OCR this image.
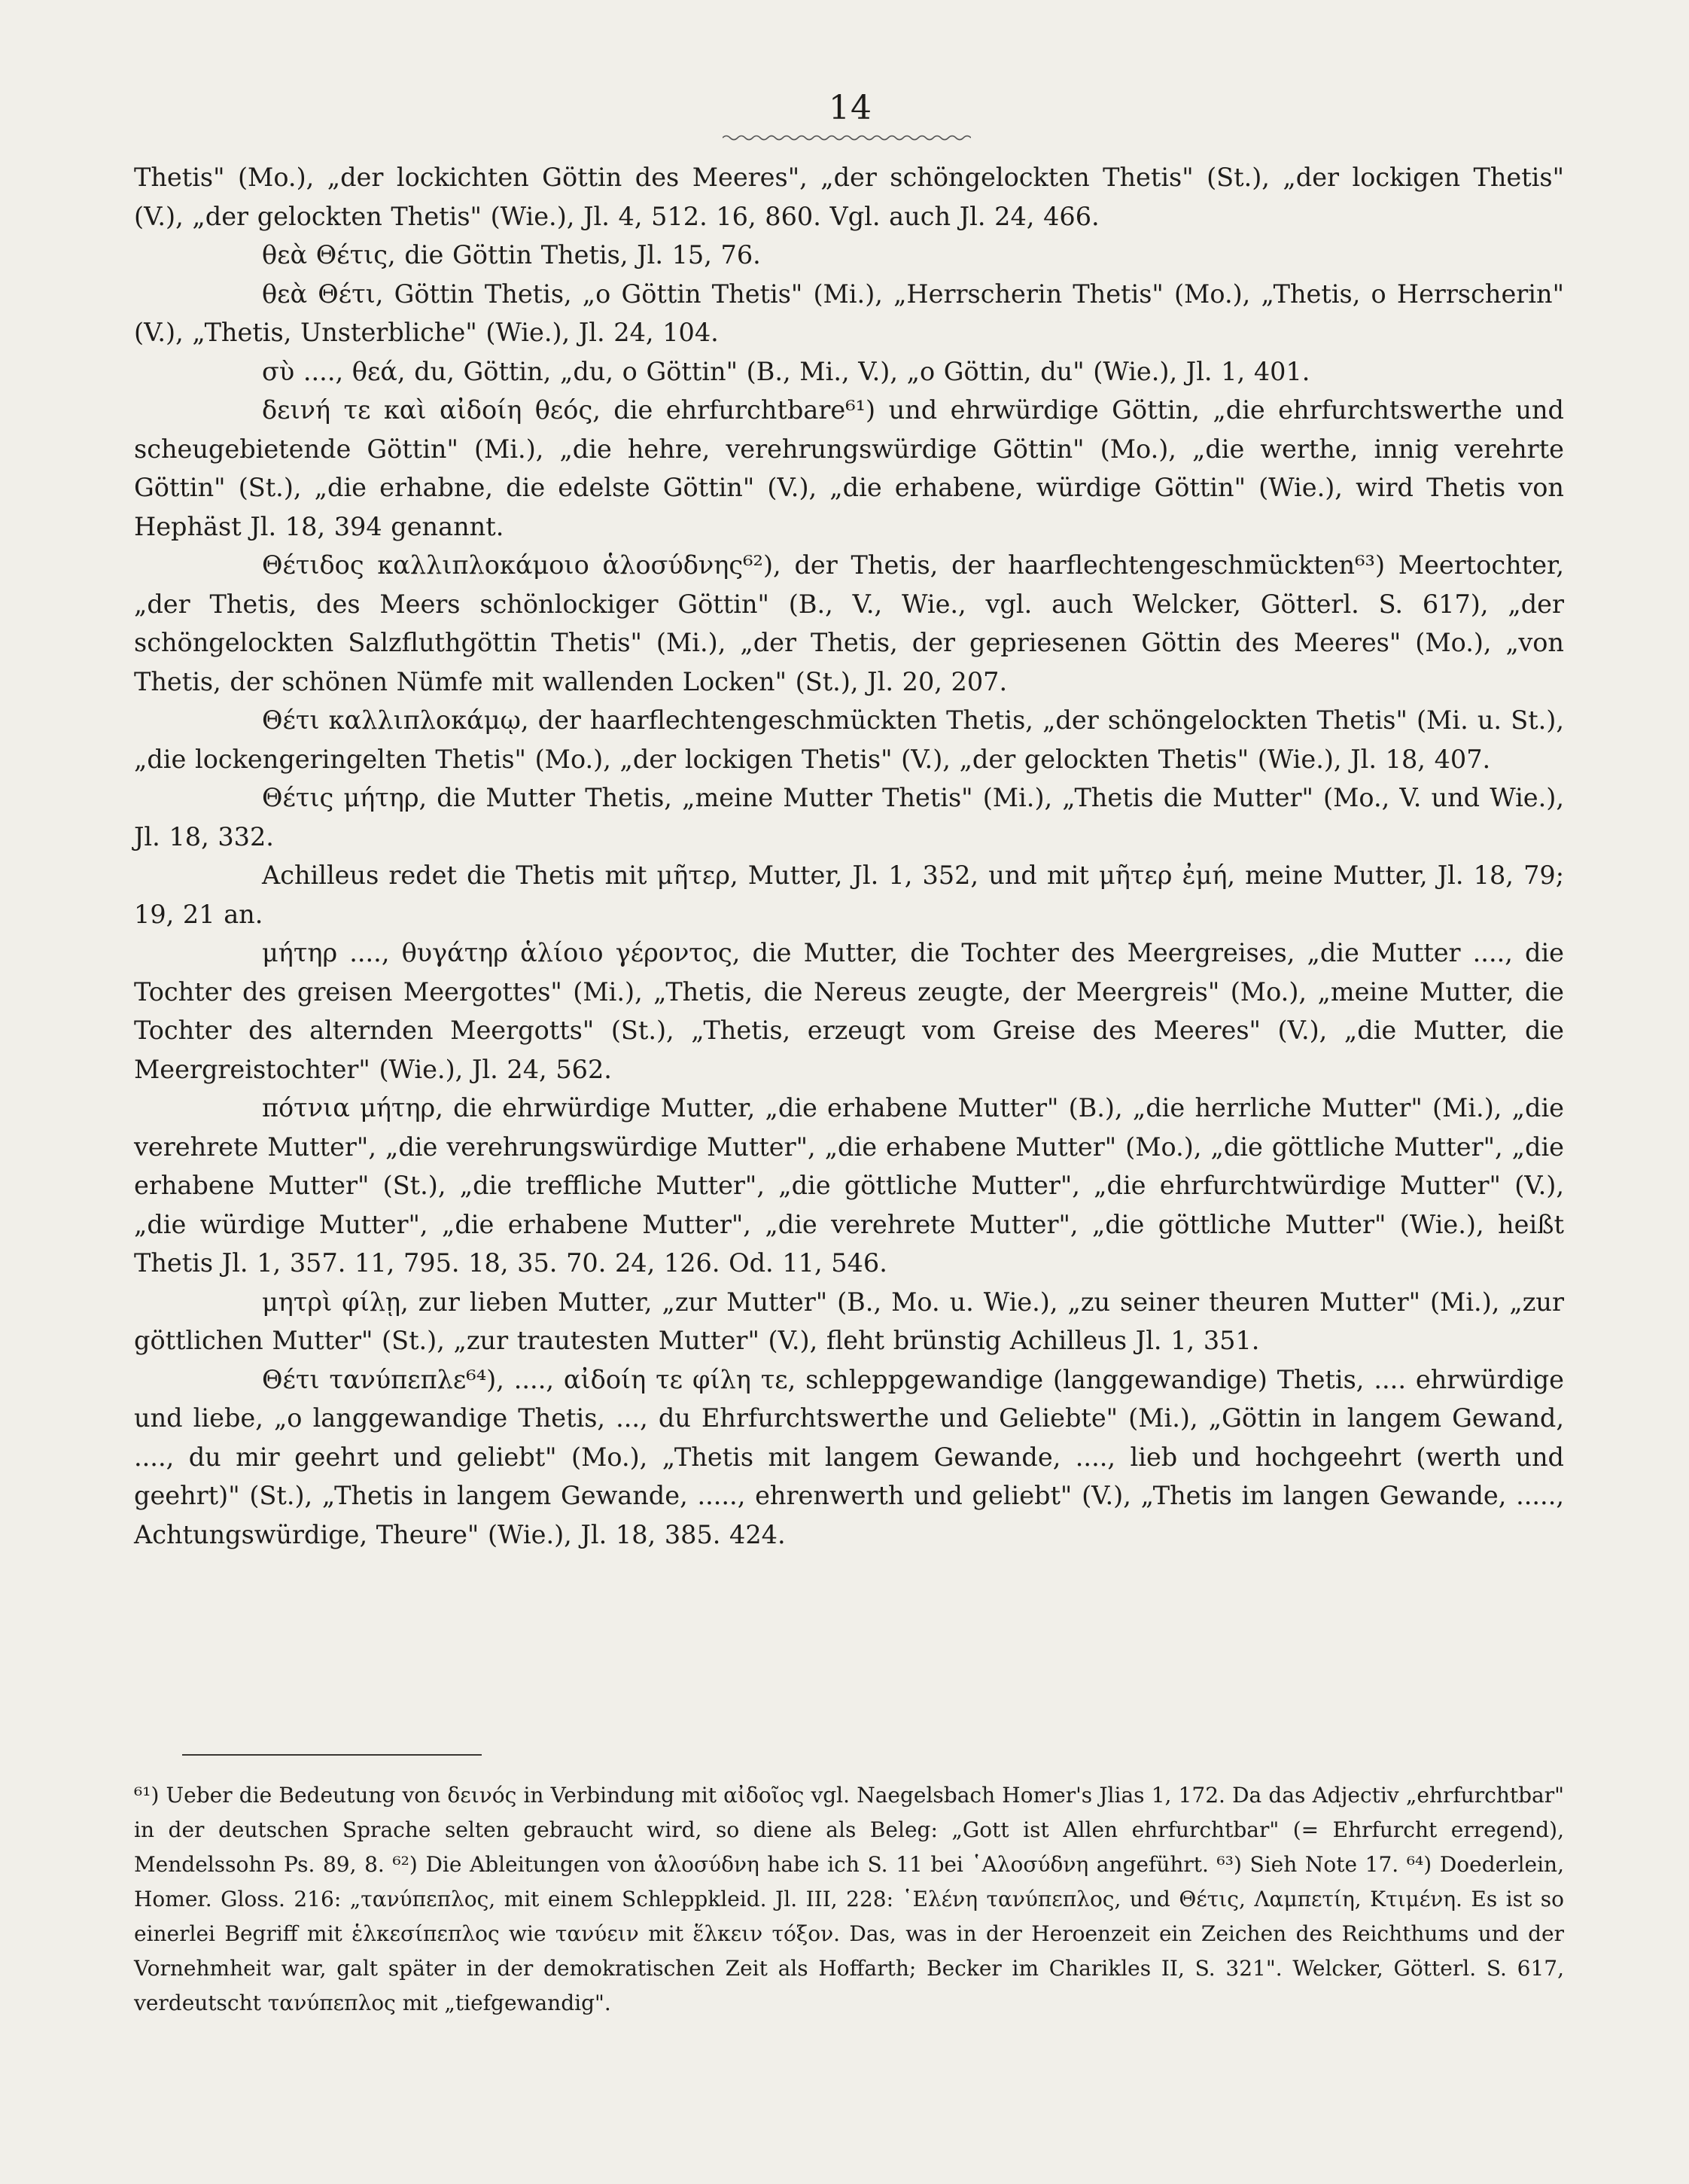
14

Thetis" (Mo.), „der lockichten Göttin des Meeres", „der schöngelockten Thetis" (St.), „der lockigen Thetis" (V.), „der gelockten Thetis" (Wie.), Jl. 4, 512. 16, 860. Vgl. auch Jl. 24, 466.

θεὰ Θέτις, die Göttin Thetis, Jl. 15, 76.

θεὰ Θέτι, Göttin Thetis, „o Göttin Thetis" (Mi.), „Herrscherin Thetis" (Mo.), „Thetis, o Herrscherin" (V.), „Thetis, Unsterbliche" (Wie.), Jl. 24, 104.

σὺ ...., θεά, du, Göttin, „du, o Göttin" (B., Mi., V.), „o Göttin, du" (Wie.), Jl. 1, 401.

δεινή τε καὶ αἰδοίη θεός, die ehrfurchtbare⁶¹) und ehrwürdige Göttin, „die ehrfurchtswerthe und scheugebietende Göttin" (Mi.), „die hehre, verehrungswürdige Göttin" (Mo.), „die werthe, innig verehrte Göttin" (St.), „die erhabne, die edelste Göttin" (V.), „die erhabene, würdige Göttin" (Wie.), wird Thetis von Hephäst Jl. 18, 394 genannt.

Θέτιδος καλλιπλοκάμοιο ἁλοσύδνης⁶²), der Thetis, der haarflechtengeschmückten⁶³) Meertochter, „der Thetis, des Meers schönlockiger Göttin" (B., V., Wie., vgl. auch Welcker, Götterl. S. 617), „der schöngelockten Salzfluthgöttin Thetis" (Mi.), „der Thetis, der gepriesenen Göttin des Meeres" (Mo.), „von Thetis, der schönen Nümfe mit wallenden Locken" (St.), Jl. 20, 207.

Θέτι καλλιπλοκάμῳ, der haarflechtengeschmückten Thetis, „der schöngelockten Thetis" (Mi. u. St.), „die lockengeringelten Thetis" (Mo.), „der lockigen Thetis" (V.), „der gelockten Thetis" (Wie.), Jl. 18, 407.

Θέτις μήτηρ, die Mutter Thetis, „meine Mutter Thetis" (Mi.), „Thetis die Mutter" (Mo., V. und Wie.), Jl. 18, 332.

Achilleus redet die Thetis mit μῆτερ, Mutter, Jl. 1, 352, und mit μῆτερ ἐμή, meine Mutter, Jl. 18, 79; 19, 21 an.

μήτηρ ...., θυγάτηρ ἁλίοιο γέροντος, die Mutter, die Tochter des Meergreises, „die Mutter ...., die Tochter des greisen Meergottes" (Mi.), „Thetis, die Nereus zeugte, der Meergreis" (Mo.), „meine Mutter, die Tochter des alternden Meergotts" (St.), „Thetis, erzeugt vom Greise des Meeres" (V.), „die Mutter, die Meergreistochter" (Wie.), Jl. 24, 562.

πότνια μήτηρ, die ehrwürdige Mutter, „die erhabene Mutter" (B.), „die herrliche Mutter" (Mi.), „die verehrete Mutter", „die verehrungswürdige Mutter", „die erhabene Mutter" (Mo.), „die göttliche Mutter", „die erhabene Mutter" (St.), „die treffliche Mutter", „die göttliche Mutter", „die ehrfurchtwürdige Mutter" (V.), „die würdige Mutter", „die erhabene Mutter", „die verehrete Mutter", „die göttliche Mutter" (Wie.), heißt Thetis Jl. 1, 357. 11, 795. 18, 35. 70. 24, 126. Od. 11, 546.

μητρὶ φίλῃ, zur lieben Mutter, „zur Mutter" (B., Mo. u. Wie.), „zu seiner theuren Mutter" (Mi.), „zur göttlichen Mutter" (St.), „zur trautesten Mutter" (V.), fleht brünstig Achilleus Jl. 1, 351.

Θέτι τανύπεπλε⁶⁴), ...., αἰδοίη τε φίλη τε, schleppgewandige (langgewandige) Thetis, .... ehrwürdige und liebe, „o langgewandige Thetis, ..., du Ehrfurchtswerthe und Geliebte" (Mi.), „Göttin in langem Gewand, ...., du mir geehrt und geliebt" (Mo.), „Thetis mit langem Gewande, ...., lieb und hochgeehrt (werth und geehrt)" (St.), „Thetis in langem Gewande, ....., ehrenwerth und geliebt" (V.), „Thetis im langen Gewande, ....., Achtungswürdige, Theure" (Wie.), Jl. 18, 385. 424.

⁶¹) Ueber die Bedeutung von δεινός in Verbindung mit αἰδοῖος vgl. Naegelsbach Homer's Jlias 1, 172. Da das Adjectiv „ehrfurchtbar" in der deutschen Sprache selten gebraucht wird, so diene als Beleg: „Gott ist Allen ehrfurchtbar" (= Ehrfurcht erregend), Mendelssohn Ps. 89, 8. ⁶²) Die Ableitungen von ἁλοσύδνη habe ich S. 11 bei ῾Αλοσύδνη angeführt. ⁶³) Sieh Note 17. ⁶⁴) Doederlein, Homer. Gloss. 216: „τανύπεπλος, mit einem Schleppkleid. Jl. III, 228: ῾Ελένη τανύπεπλος, und Θέτις, Λαμπετίη, Κτιμένη. Es ist so einerlei Begriff mit ἑλκεσίπεπλος wie τανύειν mit ἕλκειν τόξον. Das, was in der Heroenzeit ein Zeichen des Reichthums und der Vornehmheit war, galt später in der demokratischen Zeit als Hoffarth; Becker im Charikles II, S. 321". Welcker, Götterl. S. 617, verdeutscht τανύπεπλος mit „tiefgewandig".
